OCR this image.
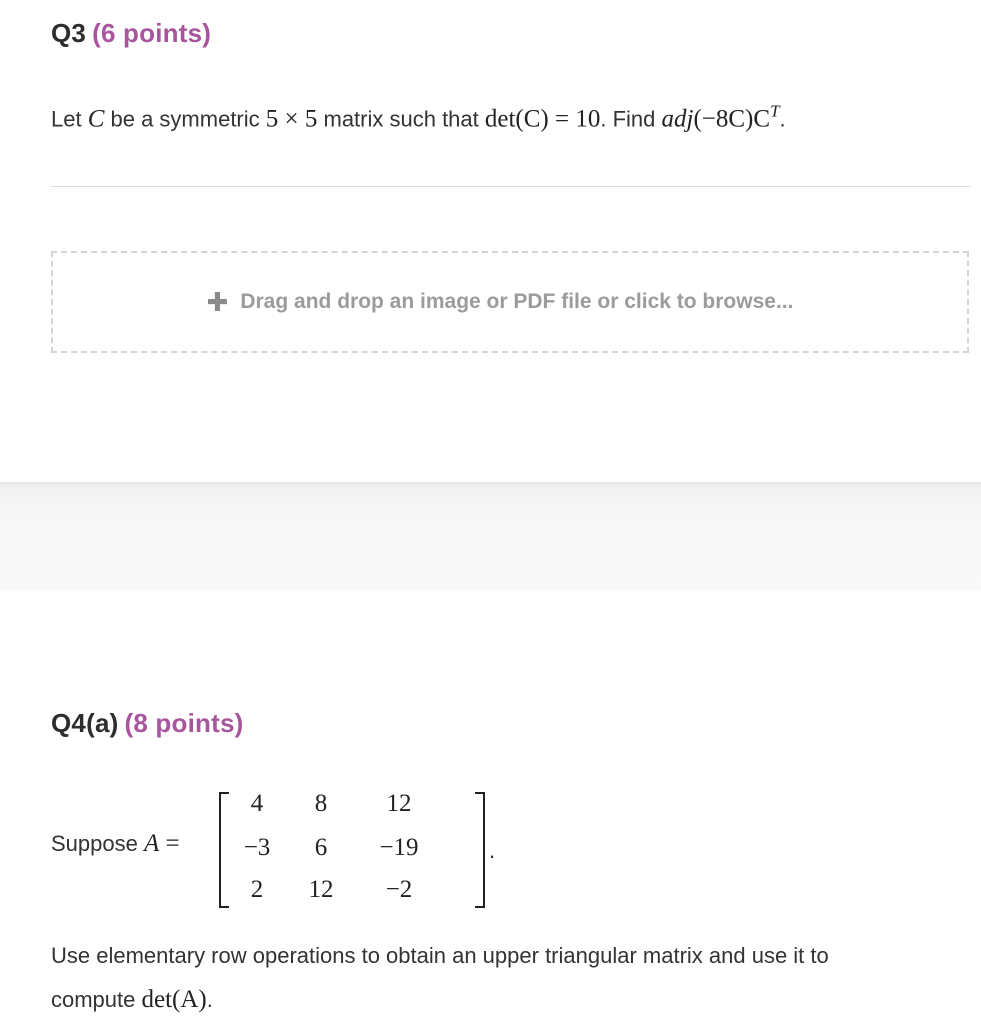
Q3 (6 points)
Let C be a symmetric 5 × 5 matrix such that det(C) = 10. Find $adj(-8C)C^T$.
✚ Drag and drop an image or PDF file or click to browse...
Q4(a) (8 points)
Suppose A =
4	8	12
−3	6	−19
2	12	−2
.
Use elementary row operations to obtain an upper triangular matrix and use it to
compute det(A).
